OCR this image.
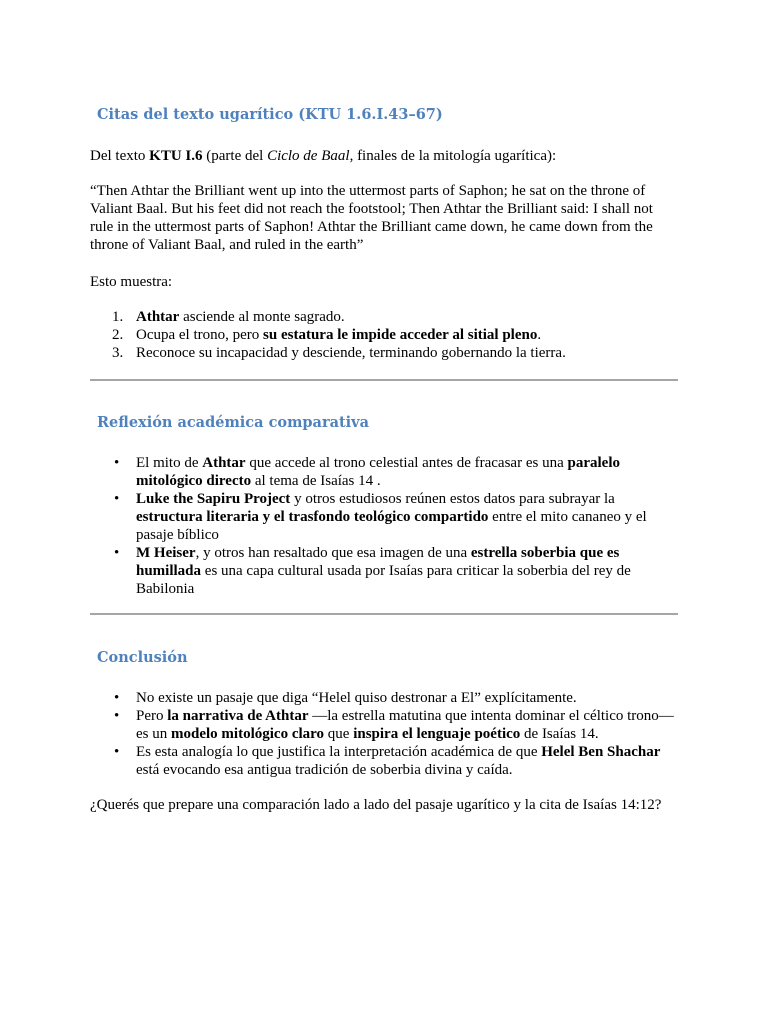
Citas del texto ugarítico (KTU 1.6.I.43–67)

Del texto KTU I.6 (parte del Ciclo de Baal, finales de la mitología ugarítica):

“Then Athtar the Brilliant went up into the uttermost parts of Saphon; he sat on the throne of Valiant Baal. But his feet did not reach the footstool; Then Athtar the Brilliant said: I shall not rule in the uttermost parts of Saphon! Athtar the Brilliant came down, he came down from the throne of Valiant Baal, and ruled in the earth”

Esto muestra:

1. Athtar asciende al monte sagrado.
2. Ocupa el trono, pero su estatura le impide acceder al sitial pleno.
3. Reconoce su incapacidad y desciende, terminando gobernando la tierra.
Reflexión académica comparativa
• El mito de Athtar que accede al trono celestial antes de fracasar es una paralelo mitológico directo al tema de Isaías 14 .
• Luke the Sapiru Project y otros estudiosos reúnen estos datos para subrayar la estructura literaria y el trasfondo teológico compartido entre el mito cananeo y el pasaje bíblico
• M Heiser, y otros han resaltado que esa imagen de una estrella soberbia que es humillada es una capa cultural usada por Isaías para criticar la soberbia del rey de Babilonia
Conclusión
• No existe un pasaje que diga “Helel quiso destronar a El” explícitamente.
• Pero la narrativa de Athtar —la estrella matutina que intenta dominar el céltico trono— es un modelo mitológico claro que inspira el lenguaje poético de Isaías 14.
• Es esta analogía lo que justifica la interpretación académica de que Helel Ben Shachar está evocando esa antigua tradición de soberbia divina y caída.

¿Querés que prepare una comparación lado a lado del pasaje ugarítico y la cita de Isaías 14:12?
